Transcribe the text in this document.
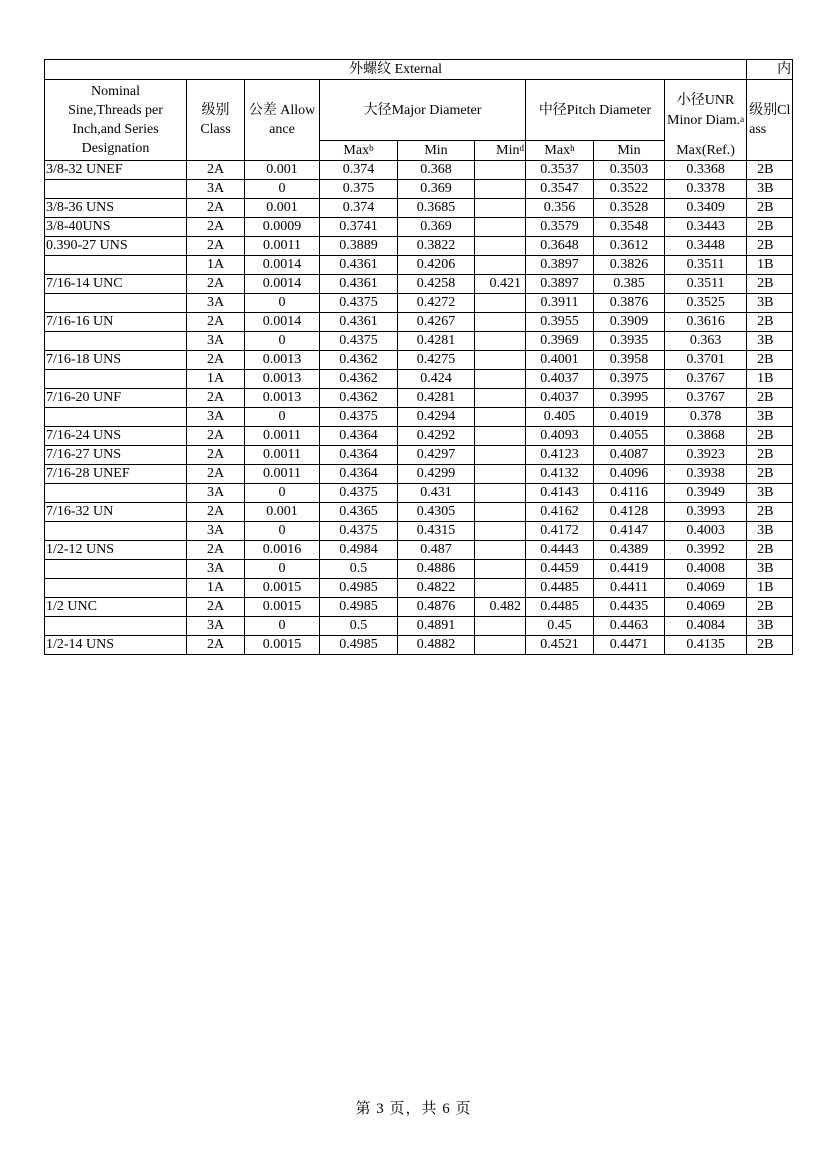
外螺纹 External									内
Nominal Sine,Threads per Inch,and Series Designation	级别 Class	公差 Allowance	大径Major Diameter			中径Pitch Diameter		小径UNR Minor Diam.$^a$	级别Class
			Max$^b$	Min	Min$^d$	Max$^h$	Min	Max(Ref.)	
3/8-32 UNEF	2A	0.001	0.374	0.368		0.3537	0.3503	0.3368	2B
	3A	0	0.375	0.369		0.3547	0.3522	0.3378	3B
3/8-36 UNS	2A	0.001	0.374	0.3685		0.356	0.3528	0.3409	2B
3/8-40UNS	2A	0.0009	0.3741	0.369		0.3579	0.3548	0.3443	2B
0.390-27 UNS	2A	0.0011	0.3889	0.3822		0.3648	0.3612	0.3448	2B
	1A	0.0014	0.4361	0.4206		0.3897	0.3826	0.3511	1B
7/16-14 UNC	2A	0.0014	0.4361	0.4258	0.421	0.3897	0.385	0.3511	2B
	3A	0	0.4375	0.4272		0.3911	0.3876	0.3525	3B
7/16-16 UN	2A	0.0014	0.4361	0.4267		0.3955	0.3909	0.3616	2B
	3A	0	0.4375	0.4281		0.3969	0.3935	0.363	3B
7/16-18 UNS	2A	0.0013	0.4362	0.4275		0.4001	0.3958	0.3701	2B
	1A	0.0013	0.4362	0.424		0.4037	0.3975	0.3767	1B
7/16-20 UNF	2A	0.0013	0.4362	0.4281		0.4037	0.3995	0.3767	2B
	3A	0	0.4375	0.4294		0.405	0.4019	0.378	3B
7/16-24 UNS	2A	0.0011	0.4364	0.4292		0.4093	0.4055	0.3868	2B
7/16-27 UNS	2A	0.0011	0.4364	0.4297		0.4123	0.4087	0.3923	2B
7/16-28 UNEF	2A	0.0011	0.4364	0.4299		0.4132	0.4096	0.3938	2B
	3A	0	0.4375	0.431		0.4143	0.4116	0.3949	3B
7/16-32 UN	2A	0.001	0.4365	0.4305		0.4162	0.4128	0.3993	2B
	3A	0	0.4375	0.4315		0.4172	0.4147	0.4003	3B
1/2-12 UNS	2A	0.0016	0.4984	0.487		0.4443	0.4389	0.3992	2B
	3A	0	0.5	0.4886		0.4459	0.4419	0.4008	3B
	1A	0.0015	0.4985	0.4822		0.4485	0.4411	0.4069	1B
1/2 UNC	2A	0.0015	0.4985	0.4876	0.482	0.4485	0.4435	0.4069	2B
	3A	0	0.5	0.4891		0.45	0.4463	0.4084	3B
1/2-14 UNS	2A	0.0015	0.4985	0.4882		0.4521	0.4471	0.4135	2B
第 3 页，共 6 页
